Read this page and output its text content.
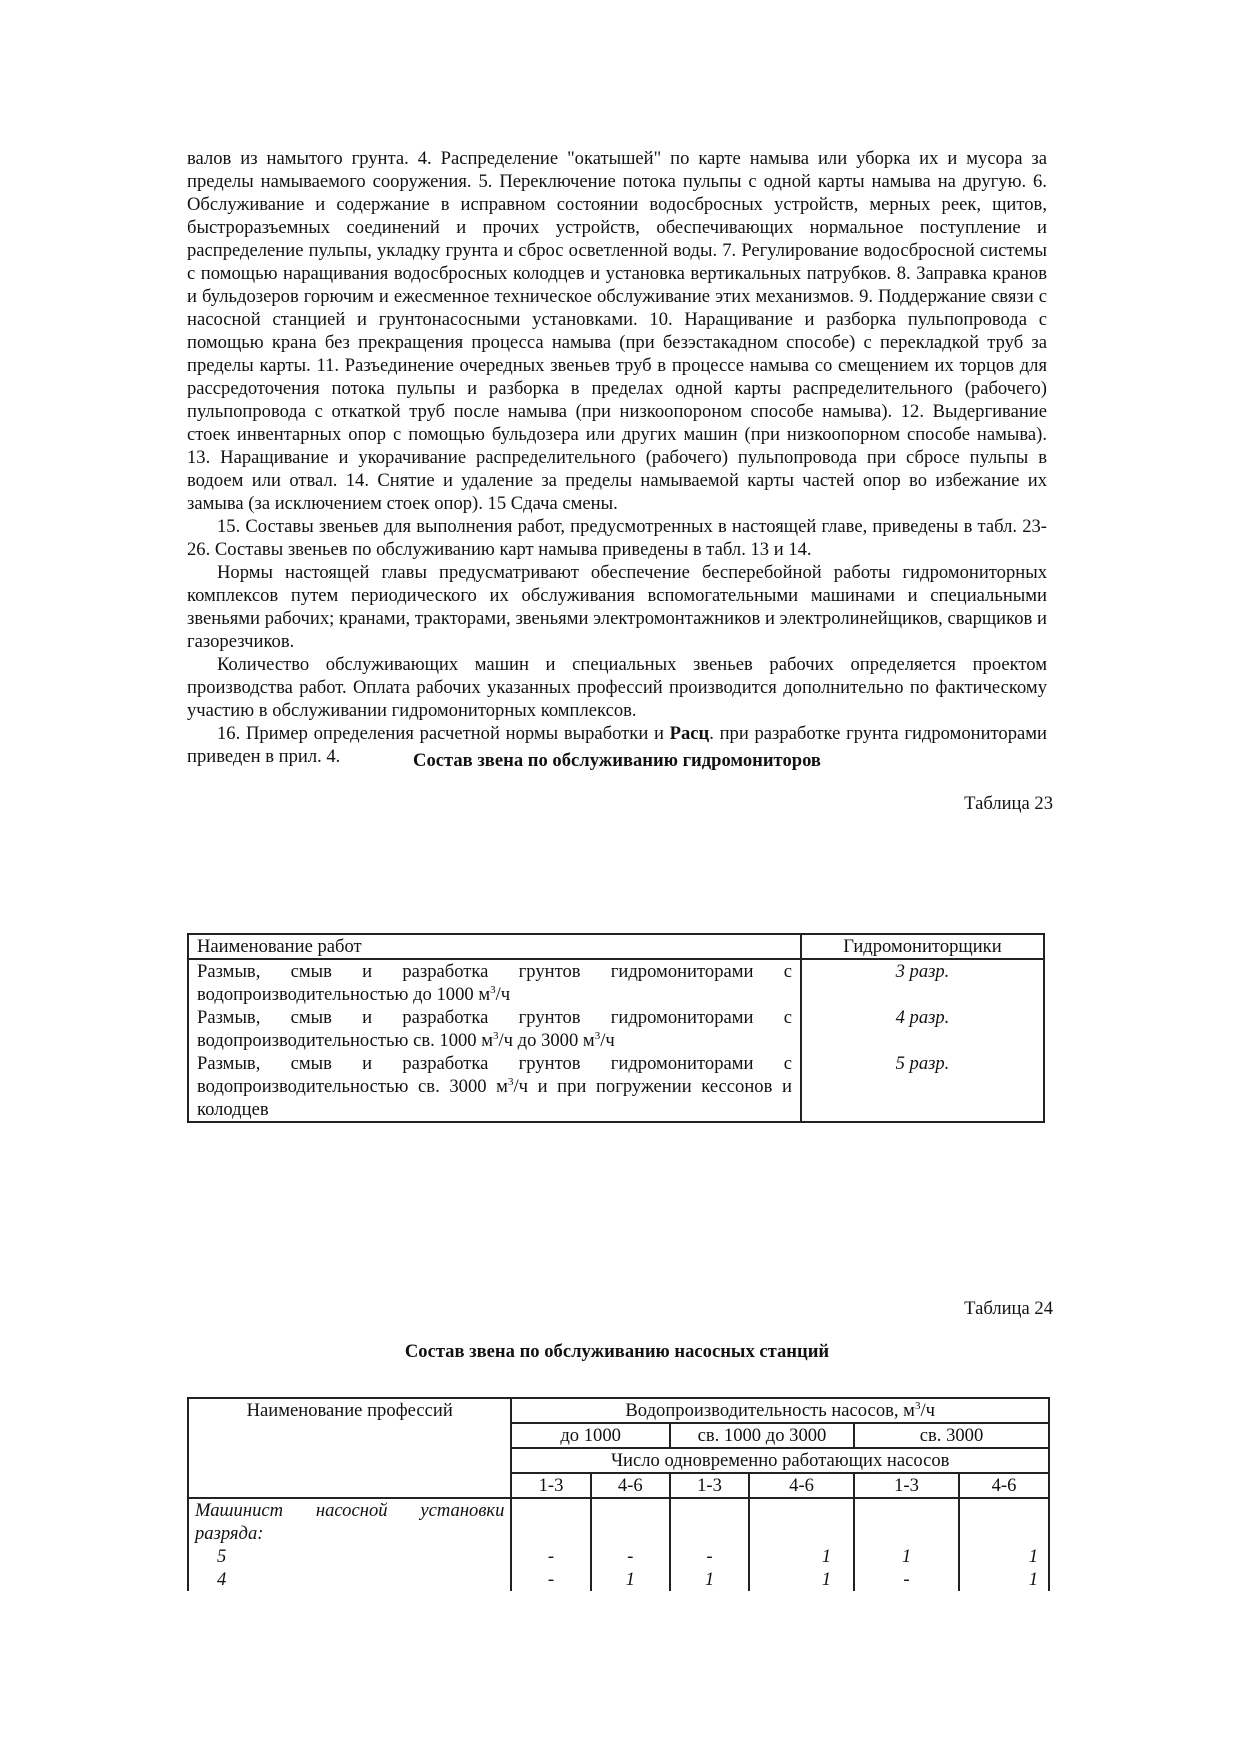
валов из намытого грунта. 4. Распределение "окатышей" по карте намыва или уборка их и мусора за пределы намываемого сооружения. 5. Переключение потока пульпы с одной карты намыва на другую. 6. Обслуживание и содержание в исправном состоянии водосбросных устройств, мерных реек, щитов, быстроразъемных соединений и прочих устройств, обеспечивающих нормальное поступление и распределение пульпы, укладку грунта и сброс осветленной воды. 7. Регулирование водосбросной системы с помощью наращивания водосбросных колодцев и установка вертикальных патрубков. 8. Заправка кранов и бульдозеров горючим и ежесменное техническое обслуживание этих механизмов. 9. Поддержание связи с насосной станцией и грунтонасосными установками. 10. Наращивание и разборка пульпопровода с помощью крана без прекращения процесса намыва (при безэстакадном способе) с перекладкой труб за пределы карты. 11. Разъединение очередных звеньев труб в процессе намыва со смещением их торцов для рассредоточения потока пульпы и разборка в пределах одной карты распределительного (рабочего) пульпопровода с откаткой труб после намыва (при низкоопороном способе намыва). 12. Выдергивание стоек инвентарных опор с помощью бульдозера или других машин (при низкоопорном способе намыва). 13. Наращивание и укорачивание распределительного (рабочего) пульпопровода при сбросе пульпы в водоем или отвал. 14. Снятие и удаление за пределы намываемой карты частей опор во избежание их замыва (за исключением стоек опор). 15 Сдача смены.

15. Составы звеньев для выполнения работ, предусмотренных в настоящей главе, приведены в табл. 23-26. Составы звеньев по обслуживанию карт намыва приведены в табл. 13 и 14.

Нормы настоящей главы предусматривают обеспечение бесперебойной работы гидромониторных комплексов путем периодического их обслуживания вспомогательными машинами и специальными звеньями рабочих; кранами, тракторами, звеньями электромонтажников и электролинейщиков, сварщиков и газорезчиков.

Количество обслуживающих машин и специальных звеньев рабочих определяется проектом производства работ. Оплата рабочих указанных профессий производится дополнительно по фактическому участию в обслуживании гидромониторных комплексов.

16. Пример определения расчетной нормы выработки и Расц. при разработке грунта гидромониторами приведен в прил. 4.	Состав звена по обслуживанию гидромониторов
Таблица 23
Наименование работ	Гидромониторщики
Размыв, смыв и разработка грунтов гидромониторами с водопроизводительностью до 1000 $м^3/ч$	3 разр.
Размыв, смыв и разработка грунтов гидромониторами с водопроизводительностью св. 1000 $м^3/ч$ до 3000 $м^3/ч$	4 разр.
Размыв, смыв и разработка грунтов гидромониторами с водопроизводительностью св. 3000 $м^3/ч$ и при погружении кессонов и колодцев	5 разр.
Таблица 24
Состав звена по обслуживанию насосных станций
Наименование профессий	Водопроизводительность насосов, $м^3/ч$					
	до 1000		св. 1000 до 3000		св. 3000	
	Число одновременно работающих насосов					
	1-3	4-6	1-3	4-6	1-3	4-6
Машинист насосной установки разряда:						
5	-	-	-	1	1	1
4	-	1	1	1	-	1
